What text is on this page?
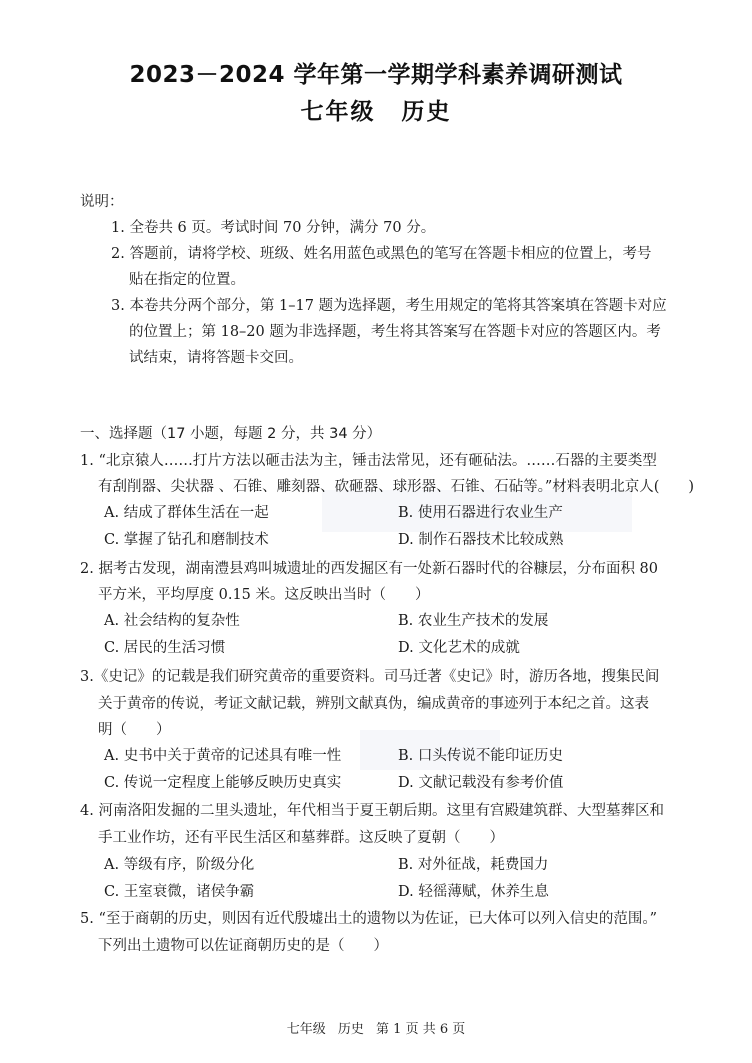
2023－2024 学年第一学期学科素养调研测试
七年级 历史
说明：
1. 全卷共 6 页。考试时间 70 分钟，满分 70 分。
2. 答题前，请将学校、班级、姓名用蓝色或黑色的笔写在答题卡相应的位置上，考号
贴在指定的位置。
3. 本卷共分两个部分，第 1–17 题为选择题，考生用规定的笔将其答案填在答题卡对应
的位置上；第 18–20 题为非选择题，考生将其答案写在答题卡对应的答题区内。考
试结束，请将答题卡交回。
一、选择题（17 小题，每题 2 分，共 34 分）
1. “北京猿人……打片方法以砸击法为主，锤击法常见，还有砸砧法。……石器的主要类型
有刮削器、尖状器 、石锥、雕刻器、砍砸器、球形器、石锥、石砧等。”材料表明北京人(　　)
A. 结成了群体生活在一起	B. 使用石器进行农业生产
C. 掌握了钻孔和磨制技术	D. 制作石器技术比较成熟
2. 据考古发现，湖南澧县鸡叫城遗址的西发掘区有一处新石器时代的谷糠层，分布面积 80
平方米，平均厚度 0.15 米。这反映出当时（　　）
A. 社会结构的复杂性	B. 农业生产技术的发展
C. 居民的生活习惯	D. 文化艺术的成就
3.《史记》的记载是我们研究黄帝的重要资料。司马迁著《史记》时，游历各地，搜集民间
关于黄帝的传说，考证文献记载，辨别文献真伪，编成黄帝的事迹列于本纪之首。这表
明（　　）
A. 史书中关于黄帝的记述具有唯一性	B. 口头传说不能印证历史
C. 传说一定程度上能够反映历史真实	D. 文献记载没有参考价值
4. 河南洛阳发掘的二里头遗址，年代相当于夏王朝后期。这里有宫殿建筑群、大型墓葬区和
手工业作坊，还有平民生活区和墓葬群。这反映了夏朝（　　）
A. 等级有序，阶级分化	B. 对外征战，耗费国力
C. 王室衰微，诸侯争霸	D. 轻徭薄赋，休养生息
5. “至于商朝的历史，则因有近代殷墟出土的遗物以为佐证，已大体可以列入信史的范围。”
下列出土遗物可以佐证商朝历史的是（　　）
七年级 历史 第 1 页 共 6 页
